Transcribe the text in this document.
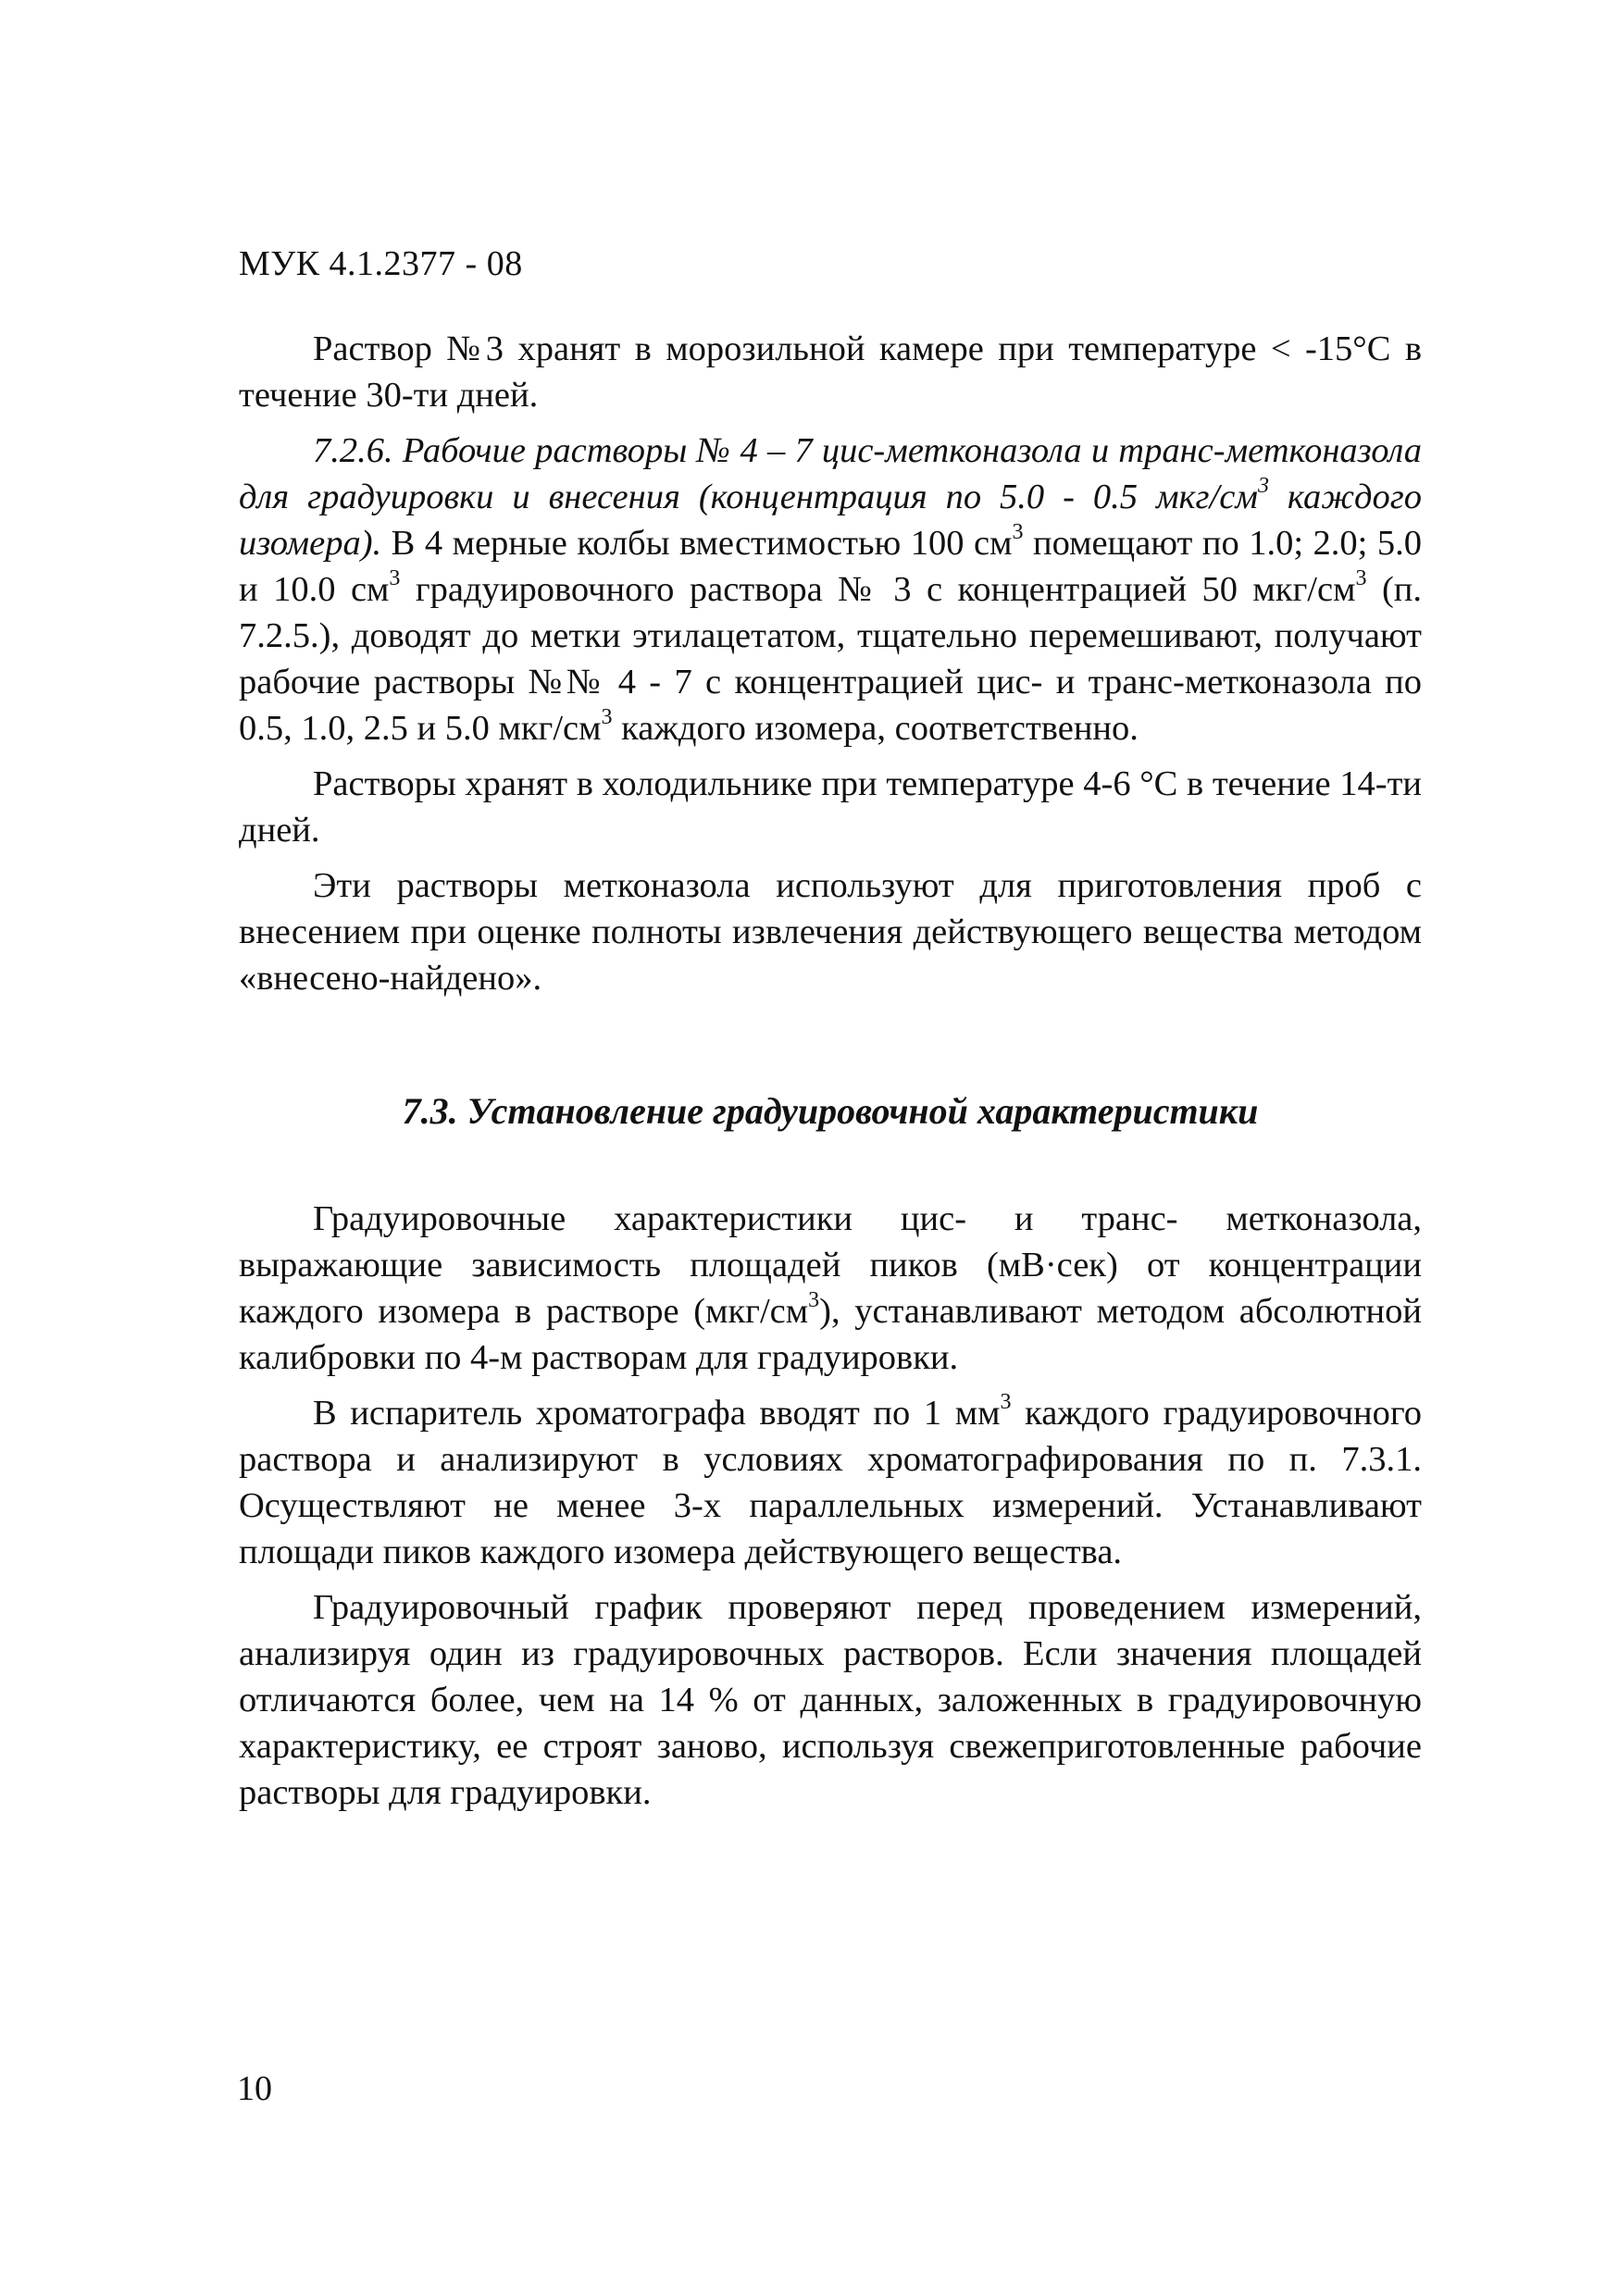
МУК 4.1.2377 - 08

Раствор №3 хранят в морозильной камере при температуре < -15°С в течение 30-ти дней.

7.2.6. Рабочие растворы № 4 – 7 цис-метконазола и транс-метконазола для градуировки и внесения (концентрация по 5.0 - 0.5 мкг/$см^3$ каждого изомера). В 4 мерные колбы вместимостью 100 $см^3$ помещают по 1.0; 2.0; 5.0 и 10.0 $см^3$ градуировочного раствора № 3 с концентрацией 50 мкг/$см^3$ (п. 7.2.5.), доводят до метки этилацетатом, тщательно перемешивают, получают рабочие растворы №№ 4 - 7 с концентрацией цис- и транс-метконазола по 0.5, 1.0, 2.5 и 5.0 мкг/$см^3$ каждого изомера, соответственно.

Растворы хранят в холодильнике при температуре 4-6 °С в течение 14-ти дней.

Эти растворы метконазола используют для приготовления проб с внесением при оценке полноты извлечения действующего вещества методом «внесено-найдено».

7.3. Установление градуировочной характеристики

Градуировочные характеристики цис- и транс- метконазола, выражающие зависимость площадей пиков (мВ·сек) от концентрации каждого изомера в растворе $(мкг/см^3)$, устанавливают методом абсолютной калибровки по 4-м растворам для градуировки.

В испаритель хроматографа вводят по 1 $мм^3$ каждого градуировочного раствора и анализируют в условиях хроматографирования по п. 7.3.1. Осуществляют не менее 3-х параллельных измерений. Устанавливают площади пиков каждого изомера действующего вещества.

Градуировочный график проверяют перед проведением измерений, анализируя один из градуировочных растворов. Если значения площадей отличаются более, чем на 14 % от данных, заложенных в градуировочную характеристику, ее строят заново, используя свежеприготовленные рабочие растворы для градуировки.

10
